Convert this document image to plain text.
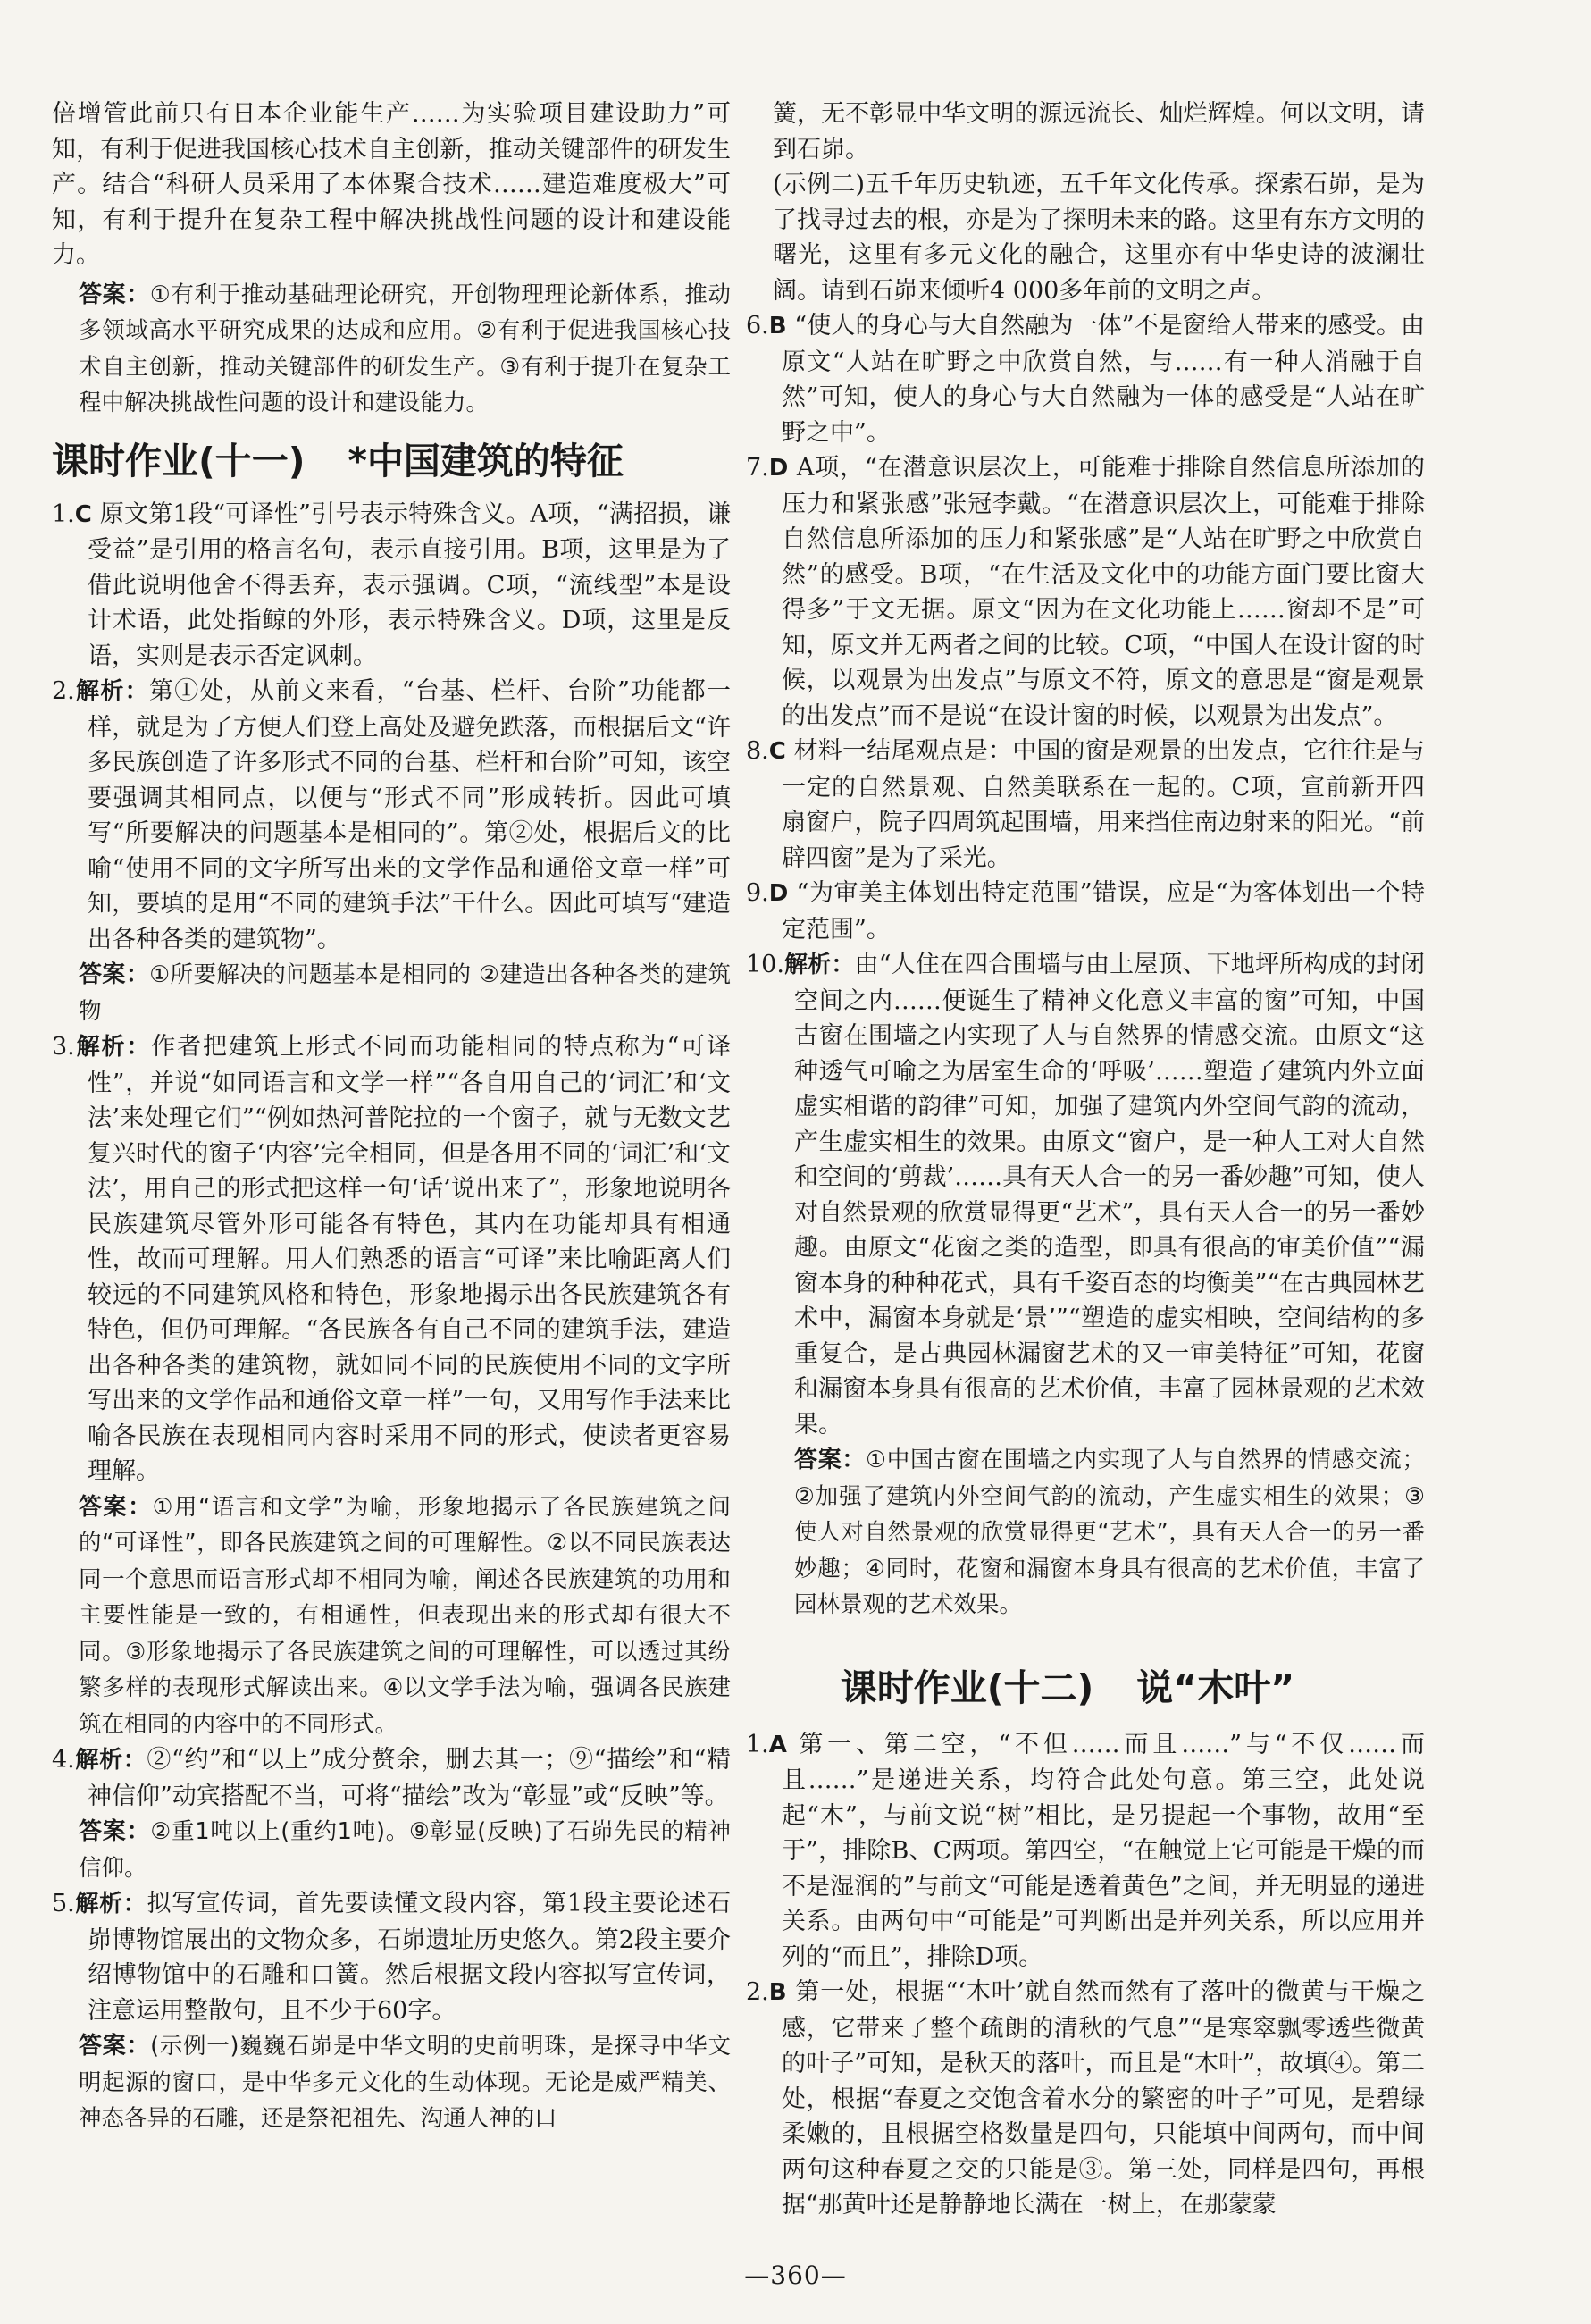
倍增管此前只有日本企业能生产……为实验项目建设助力”可知，有利于促进我国核心技术自主创新，推动关键部件的研发生产。结合“科研人员采用了本体聚合技术……建造难度极大”可知，有利于提升在复杂工程中解决挑战性问题的设计和建设能力。

答案：①有利于推动基础理论研究，开创物理理论新体系，推动多领域高水平研究成果的达成和应用。②有利于促进我国核心技术自主创新，推动关键部件的研发生产。③有利于提升在复杂工程中解决挑战性问题的设计和建设能力。

课时作业(十一) *中国建筑的特征

1.C 原文第1段“可译性”引号表示特殊含义。A项，“满招损，谦受益”是引用的格言名句，表示直接引用。B项，这里是为了借此说明他舍不得丢弃，表示强调。C项，“流线型”本是设计术语，此处指鲸的外形，表示特殊含义。D项，这里是反语，实则是表示否定讽刺。

2.解析：第①处，从前文来看，“台基、栏杆、台阶”功能都一样，就是为了方便人们登上高处及避免跌落，而根据后文“许多民族创造了许多形式不同的台基、栏杆和台阶”可知，该空要强调其相同点，以便与“形式不同”形成转折。因此可填写“所要解决的问题基本是相同的”。第②处，根据后文的比喻“使用不同的文字所写出来的文学作品和通俗文章一样”可知，要填的是用“不同的建筑手法”干什么。因此可填写“建造出各种各类的建筑物”。

答案：①所要解决的问题基本是相同的 ②建造出各种各类的建筑物

3.解析：作者把建筑上形式不同而功能相同的特点称为“可译性”，并说“如同语言和文学一样”“各自用自己的‘词汇’和‘文法’来处理它们”“例如热河普陀拉的一个窗子，就与无数文艺复兴时代的窗子‘内容’完全相同，但是各用不同的‘词汇’和‘文法’，用自己的形式把这样一句‘话’说出来了”，形象地说明各民族建筑尽管外形可能各有特色，其内在功能却具有相通性，故而可理解。用人们熟悉的语言“可译”来比喻距离人们较远的不同建筑风格和特色，形象地揭示出各民族建筑各有特色，但仍可理解。“各民族各有自己不同的建筑手法，建造出各种各类的建筑物，就如同不同的民族使用不同的文字所写出来的文学作品和通俗文章一样”一句，又用写作手法来比喻各民族在表现相同内容时采用不同的形式，使读者更容易理解。

答案：①用“语言和文学”为喻，形象地揭示了各民族建筑之间的“可译性”，即各民族建筑之间的可理解性。②以不同民族表达同一个意思而语言形式却不相同为喻，阐述各民族建筑的功用和主要性能是一致的，有相通性，但表现出来的形式却有很大不同。③形象地揭示了各民族建筑之间的可理解性，可以透过其纷繁多样的表现形式解读出来。④以文学手法为喻，强调各民族建筑在相同的内容中的不同形式。

4.解析：②“约”和“以上”成分赘余，删去其一；⑨“描绘”和“精神信仰”动宾搭配不当，可将“描绘”改为“彰显”或“反映”等。

答案：②重1吨以上(重约1吨)。⑨彰显(反映)了石峁先民的精神信仰。

5.解析：拟写宣传词，首先要读懂文段内容，第1段主要论述石峁博物馆展出的文物众多，石峁遗址历史悠久。第2段主要介绍博物馆中的石雕和口簧。然后根据文段内容拟写宣传词，注意运用整散句，且不少于60字。

答案：(示例一)巍巍石峁是中华文明的史前明珠，是探寻中华文明起源的窗口，是中华多元文化的生动体现。无论是威严精美、神态各异的石雕，还是祭祀祖先、沟通人神的口

簧，无不彰显中华文明的源远流长、灿烂辉煌。何以文明，请到石峁。

(示例二)五千年历史轨迹，五千年文化传承。探索石峁，是为了找寻过去的根，亦是为了探明未来的路。这里有东方文明的曙光，这里有多元文化的融合，这里亦有中华史诗的波澜壮阔。请到石峁来倾听4 000多年前的文明之声。

6.B “使人的身心与大自然融为一体”不是窗给人带来的感受。由原文“人站在旷野之中欣赏自然，与……有一种人消融于自然”可知，使人的身心与大自然融为一体的感受是“人站在旷野之中”。

7.D A项，“在潜意识层次上，可能难于排除自然信息所添加的压力和紧张感”张冠李戴。“在潜意识层次上，可能难于排除自然信息所添加的压力和紧张感”是“人站在旷野之中欣赏自然”的感受。B项，“在生活及文化中的功能方面门要比窗大得多”于文无据。原文“因为在文化功能上……窗却不是”可知，原文并无两者之间的比较。C项，“中国人在设计窗的时候，以观景为出发点”与原文不符，原文的意思是“窗是观景的出发点”而不是说“在设计窗的时候，以观景为出发点”。

8.C 材料一结尾观点是：中国的窗是观景的出发点，它往往是与一定的自然景观、自然美联系在一起的。C项，宣前新开四扇窗户，院子四周筑起围墙，用来挡住南边射来的阳光。“前辟四窗”是为了采光。

9.D “为审美主体划出特定范围”错误，应是“为客体划出一个特定范围”。

10.解析：由“人住在四合围墙与由上屋顶、下地坪所构成的封闭空间之内……便诞生了精神文化意义丰富的窗”可知，中国古窗在围墙之内实现了人与自然界的情感交流。由原文“这种透气可喻之为居室生命的‘呼吸’……塑造了建筑内外立面虚实相谐的韵律”可知，加强了建筑内外空间气韵的流动，产生虚实相生的效果。由原文“窗户，是一种人工对大自然和空间的‘剪裁’……具有天人合一的另一番妙趣”可知，使人对自然景观的欣赏显得更“艺术”，具有天人合一的另一番妙趣。由原文“花窗之类的造型，即具有很高的审美价值”“漏窗本身的种种花式，具有千姿百态的均衡美”“在古典园林艺术中，漏窗本身就是‘景’”“塑造的虚实相映，空间结构的多重复合，是古典园林漏窗艺术的又一审美特征”可知，花窗和漏窗本身具有很高的艺术价值，丰富了园林景观的艺术效果。

答案：①中国古窗在围墙之内实现了人与自然界的情感交流；②加强了建筑内外空间气韵的流动，产生虚实相生的效果；③使人对自然景观的欣赏显得更“艺术”，具有天人合一的另一番妙趣；④同时，花窗和漏窗本身具有很高的艺术价值，丰富了园林景观的艺术效果。

课时作业(十二) 说“木叶”

1.A 第一、第二空，“不但……而且……”与“不仅……而且……”是递进关系，均符合此处句意。第三空，此处说起“木”，与前文说“树”相比，是另提起一个事物，故用“至于”，排除B、C两项。第四空，“在触觉上它可能是干燥的而不是湿润的”与前文“可能是透着黄色”之间，并无明显的递进关系。由两句中“可能是”可判断出是并列关系，所以应用并列的“而且”，排除D项。

2.B 第一处，根据“‘木叶’就自然而然有了落叶的微黄与干燥之感，它带来了整个疏朗的清秋的气息”“是寒窣飘零透些微黄的叶子”可知，是秋天的落叶，而且是“木叶”，故填④。第二处，根据“春夏之交饱含着水分的繁密的叶子”可见，是碧绿柔嫩的，且根据空格数量是四句，只能填中间两句，而中间两句这种春夏之交的只能是③。第三处，同样是四句，再根据“那黄叶还是静静地长满在一树上，在那蒙蒙

—360—
